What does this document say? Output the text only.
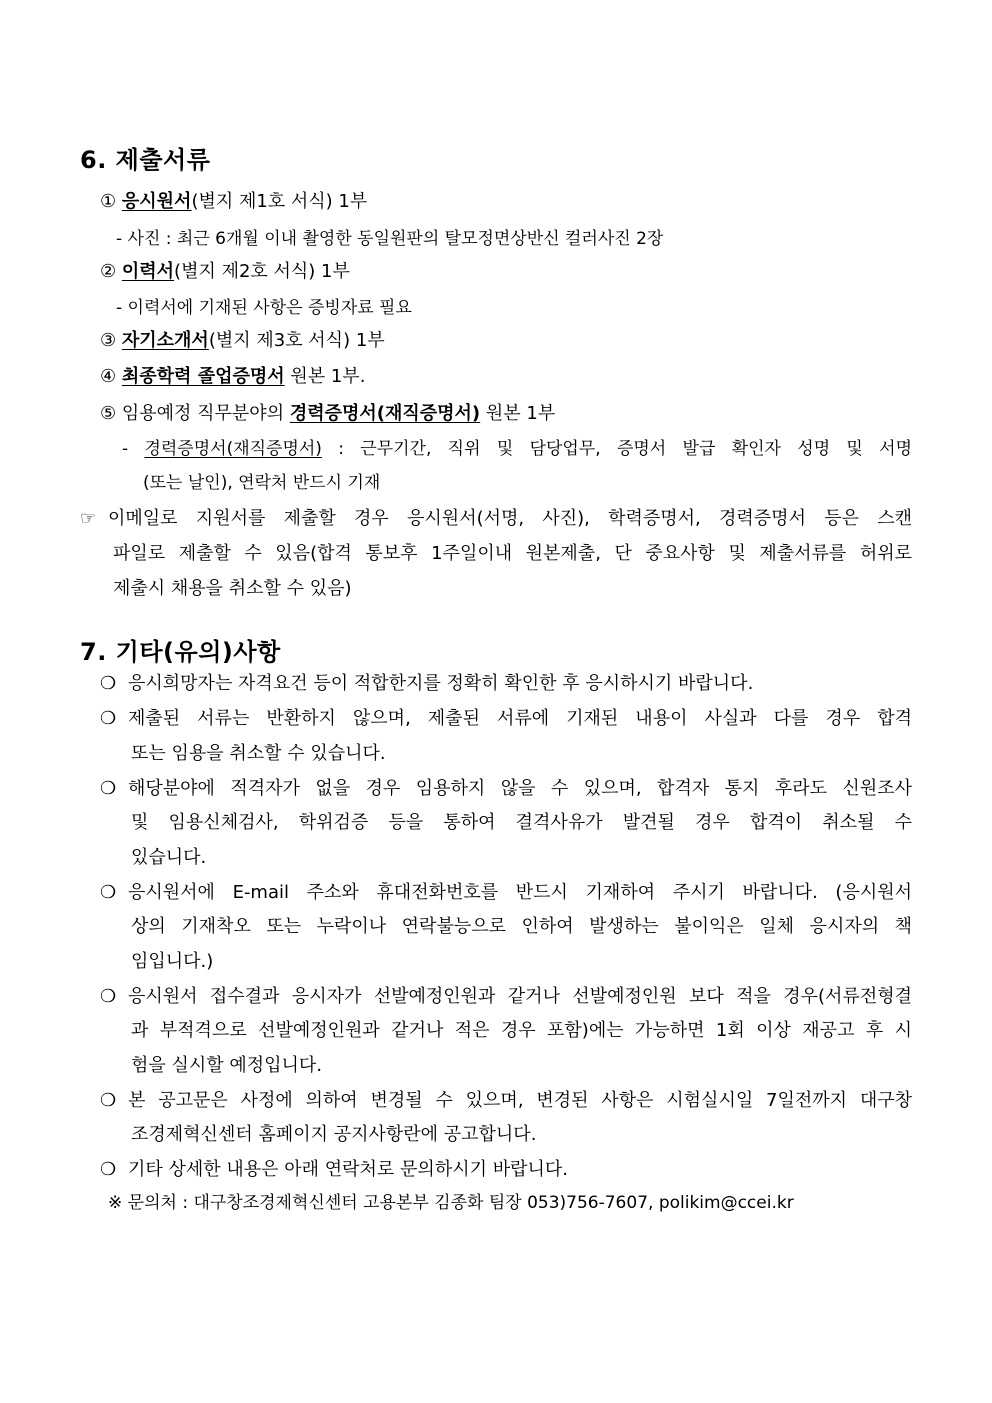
6. 제출서류
① 응시원서(별지 제1호 서식) 1부
- 사진 : 최근 6개월 이내 촬영한 동일원판의 탈모정면상반신 컬러사진 2장
② 이력서(별지 제2호 서식) 1부
- 이력서에 기재된 사항은 증빙자료 필요
③ 자기소개서(별지 제3호 서식) 1부
④ 최종학력 졸업증명서 원본 1부.
⑤ 임용예정 직무분야의 경력증명서(재직증명서) 원본 1부
- 경력증명서(재직증명서) : 근무기간, 직위 및 담당업무, 증명서 발급 확인자 성명 및 서명
(또는 날인), 연락처 반드시 기재
☞ 이메일로 지원서를 제출할 경우 응시원서(서명, 사진), 학력증명서, 경력증명서 등은 스캔
파일로 제출할 수 있음(합격 통보후 1주일이내 원본제출, 단 중요사항 및 제출서류를 허위로
제출시 채용을 취소할 수 있음)
7. 기타(유의)사항
❍ 응시희망자는 자격요건 등이 적합한지를 정확히 확인한 후 응시하시기 바랍니다.
❍ 제출된 서류는 반환하지 않으며, 제출된 서류에 기재된 내용이 사실과 다를 경우 합격
또는 임용을 취소할 수 있습니다.
❍ 해당분야에 적격자가 없을 경우 임용하지 않을 수 있으며, 합격자 통지 후라도 신원조사
및 임용신체검사, 학위검증 등을 통하여 결격사유가 발견될 경우 합격이 취소될 수
있습니다.
❍ 응시원서에 E-mail 주소와 휴대전화번호를 반드시 기재하여 주시기 바랍니다. (응시원서
상의 기재착오 또는 누락이나 연락불능으로 인하여 발생하는 불이익은 일체 응시자의 책
임입니다.)
❍ 응시원서 접수결과 응시자가 선발예정인원과 같거나 선발예정인원 보다 적을 경우(서류전형결
과 부적격으로 선발예정인원과 같거나 적은 경우 포함)에는 가능하면 1회 이상 재공고 후 시
험을 실시할 예정입니다.
❍ 본 공고문은 사정에 의하여 변경될 수 있으며, 변경된 사항은 시험실시일 7일전까지 대구창
조경제혁신센터 홈페이지 공지사항란에 공고합니다.
❍ 기타 상세한 내용은 아래 연락처로 문의하시기 바랍니다.
※ 문의처 : 대구창조경제혁신센터 고용본부 김종화 팀장 053)756-7607, polikim@ccei.kr
